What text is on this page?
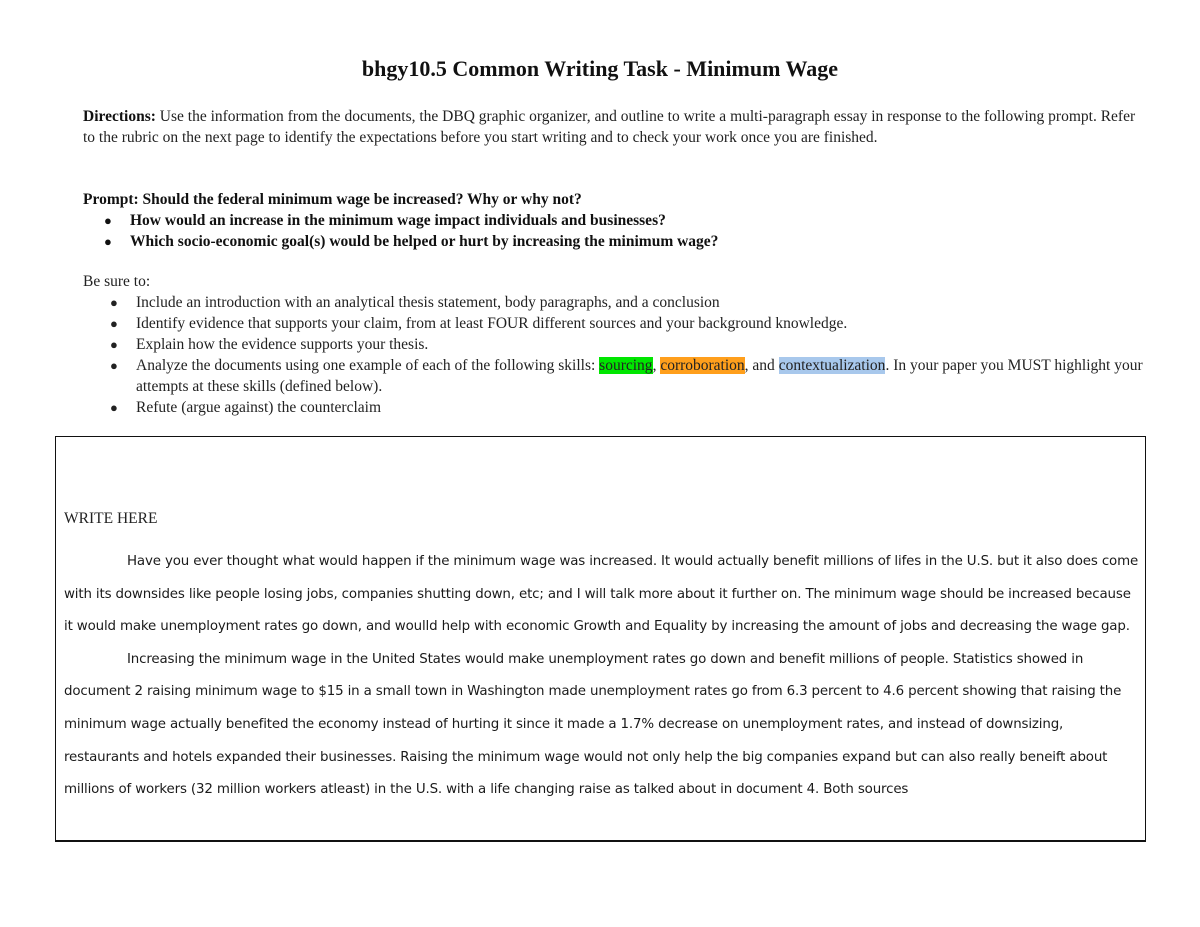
bhgy10.5 Common Writing Task - Minimum Wage
Directions: Use the information from the documents, the DBQ graphic organizer, and outline to write a multi-paragraph essay in response to the following prompt. Refer to the rubric on the next page to identify the expectations before you start writing and to check your work once you are finished.
Prompt: Should the federal minimum wage be increased? Why or why not?
● How would an increase in the minimum wage impact individuals and businesses?
● Which socio-economic goal(s) would be helped or hurt by increasing the minimum wage?
Be sure to:
● Include an introduction with an analytical thesis statement, body paragraphs, and a conclusion
● Identify evidence that supports your claim, from at least FOUR different sources and your background knowledge.
● Explain how the evidence supports your thesis.
● Analyze the documents using one example of each of the following skills: sourcing, corroboration, and contextualization. In your paper you MUST highlight your attempts at these skills (defined below).
● Refute (argue against) the counterclaim
WRITE HERE

Have you ever thought what would happen if the minimum wage was increased. It would actually benefit millions of lifes in the U.S. but it also does come with its downsides like people losing jobs, companies shutting down, etc; and I will talk more about it further on. The minimum wage should be increased because it would make unemployment rates go down, and woulld help with economic Growth and Equality by increasing the amount of jobs and decreasing the wage gap.

Increasing the minimum wage in the United States would make unemployment rates go down and benefit millions of people. Statistics showed in document 2 raising minimum wage to $15 in a small town in Washington made unemployment rates go from 6.3 percent to 4.6 percent showing that raising the minimum wage actually benefited the economy instead of hurting it since it made a 1.7% decrease on unemployment rates, and instead of downsizing, restaurants and hotels expanded their businesses. Raising the minimum wage would not only help the big companies expand but can also really beneift about millions of workers (32 million workers atleast) in the U.S. with a life changing raise as talked about in document 4. Both sources
